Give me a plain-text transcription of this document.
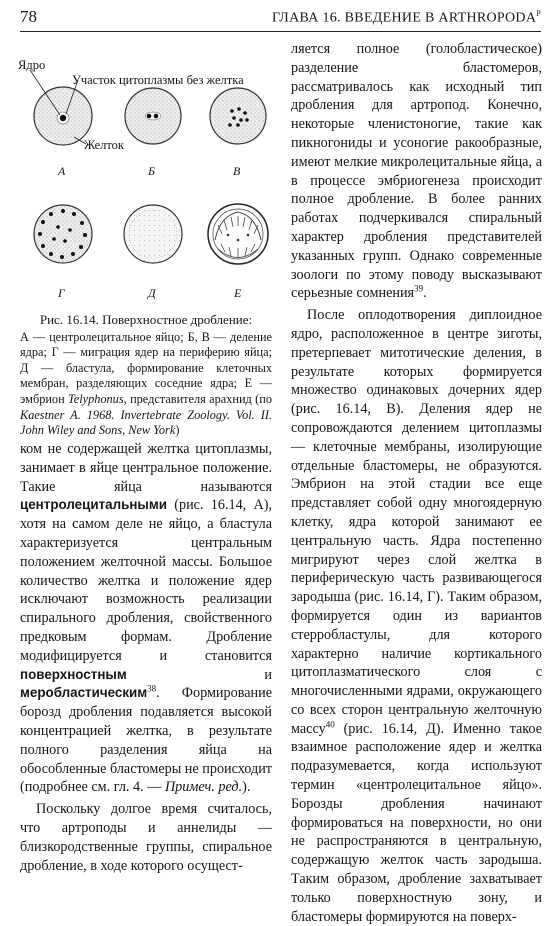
78	ГЛАВА 16. ВВЕДЕНИЕ В $ARTHROPODA^P$
Ядро
Участок цитоплазмы без желтка
Желток
А	Б	В
Г	Д	Е
Рис. 16.14. Поверхностное дробление:
А — центролецитальное яйцо; Б, В — деление ядра; Г — миграция ядер на периферию яйца; Д — бластула, формирование клеточных мембран, разделяющих соседние ядра; Е — эмбрион Telyphonus, представителя арахнид (по Kaestner A. 1968. Invertebrate Zoology. Vol. II. John Wiley and Sons, New York)

ком не содержащей желтка цитоплазмы, занимает в яйце центральное положение. Такие яйца называются центролецитальными (рис. 16.14, А), хотя на самом деле не яйцо, а бластула характеризуется центральным положением желточной массы. Большое количество желтка и положение ядер исключают возможность реализации спирального дробления, свойственного предковым формам. Дробление модифицируется и становится поверхностным	и меробластическим$^{38}$. Формирование борозд дробления подавляется высокой концентрацией желтка, в результате полного разделения яйца на обособленные бластомеры не происходит (подробнее см. гл. 4. — Примеч. ред.).

Поскольку долгое время считалось, что артроподы и аннелиды — близкородственные группы, спиральное дробление, в ходе которого осущест-

ляется полное (голобластическое) разделение бластомеров, рассматривалось как исходный тип дробления для артропод. Конечно, некоторые членистоногие, такие как пикногониды и усоногие ракообразные, имеют мелкие микролецитальные яйца, а в процессе эмбриогенеза происходит полное дробление. В более ранних работах подчеркивался спиральный характер дробления представителей указанных групп. Однако современные зоологи по этому поводу высказывают серьезные сомнения$^{39}$.

После оплодотворения диплоидное ядро, расположенное в центре зиготы, претерпевает митотические деления, в результате которых формируется множество одинаковых дочерних ядер (рис. 16.14, В). Деления ядер не сопровождаются делением цитоплазмы — клеточные мембраны, изолирующие отдельные бластомеры, не образуются. Эмбрион на этой стадии все еще представляет собой одну многоядерную клетку, ядра которой занимают ее центральную часть. Ядра постепенно мигрируют через слой желтка в периферическую часть развивающегося зародыша (рис. 16.14, Г). Таким образом, формируется один из вариантов стерробластулы, для которого характерно наличие кортикального цитоплазматического слоя с многочисленными ядрами, окружающего со всех сторон центральную желточную массу$^{40}$ (рис. 16.14, Д). Именно такое взаимное расположение ядер и желтка подразумевается, когда используют термин «центролецитальное яйцо». Борозды дробления начинают формироваться на поверхности, но они не распространяются в центральную, содержащую желток часть зародыша. Таким образом, дробление захватывает только поверхностную зону, и бластомеры формируются на поверх-
